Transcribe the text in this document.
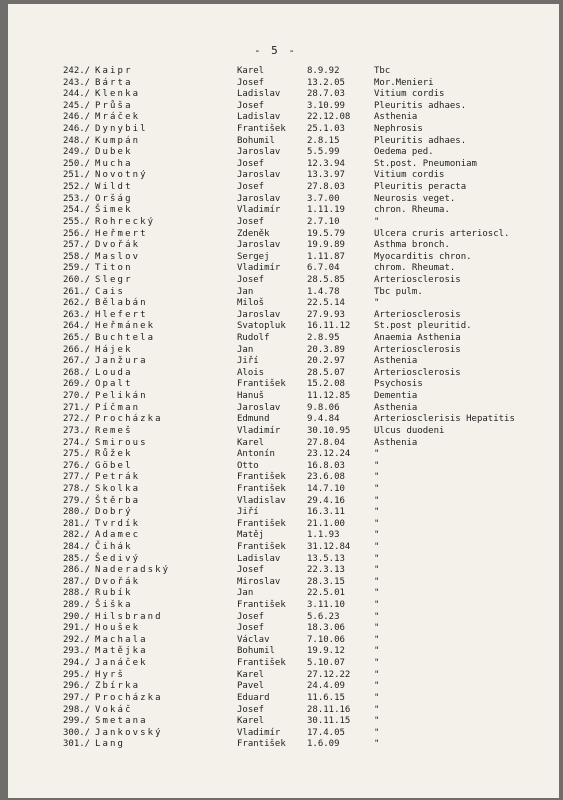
- 5 -
242./ Kaipr	Karel	8.9.92	Tbc
243./ Bárta	Josef	13.2.05	Mor.Menieri
244./ Klenka	Ladislav	28.7.03	Vitium cordis
245./ Průša	Josef	3.10.99	Pleuritis adhaes.
246./ Mráček	Ladislav	22.12.08	Asthenia
246./ Dynybil	František 25.1.03	Nephrosis
248./ Kumpán	Bohumil	2.8.15	Pleuritis adhaes.
249./ Dubek	Jaroslav	5.5.99	Oedema ped.
250./ Mucha	Josef	12.3.94	St.post. Pneumoniam
251./ Novotný	Jaroslav	13.3.97	Vitium cordis
252./ Wildt	Josef	27.8.03	Pleuritis peracta
253./ Oršág	Jaroslav	3.7.00	Neurosis veget.
254./ Šimek	Vladimír	1.11.19	chron. Rheuma.
255./ Rohrecký	Josef	2.7.10	"
256./ Heřmert	Zdeněk	19.5.79	Ulcera cruris arterioscl.
257./ Dvořák	Jaroslav	19.9.89	Asthma bronch.
258./ Maslov	Sergej	1.11.87	Myocarditis chron.
259./ Titon	Vladimír	6.7.04	chrom. Rheumat.
260./ Slegr	Josef	28.5.85	Arteriosclerosis
261./ Cais	Jan	1.4.78	Tbc pulm.
262./ Bělabán	Miloš	22.5.14	"
263./ Hlefert	Jaroslav	27.9.93	Arteriosclerosis
264./ Heřmánek	Svatopluk 16.11.12	St.post pleuritid.
265./ Buchtela	Rudolf	2.8.95	Anaemia Asthenia
266./ Hájek	Jan	20.3.89	Arteriosclerosis
267./ Janžura	Jiří	20.2.97	Asthenia
268./ Louda	Alois	28.5.07	Arteriosclerosis
269./ Opalt	František 15.2.08	Psychosis
270./ Pelikán	Hanuš	11.12.85	Dementia
271./ Píčman	Jaroslav	9.8.06	Asthenia
272./ Procházka	Edmund	9.4.84	Arteriosclerisis Hepatitis
273./ Remeš	Vladimír	30.10.95	Ulcus duodeni
274./ Smirous	Karel	27.8.04	Asthenia
275./ Růžek	Antonín	23.12.24	"
276./ Göbel	Otto	16.8.03	"
277./ Petrák	František 23.6.08	"
278./ Skolka	František 14.7.10	"
279./ Štěrba	Vladislav 29.4.16	"
280./ Dobrý	Jiří	16.3.11	"
281./ Tvrdík	František 21.1.00	"
282./ Adamec	Matěj	1.1.93	"
284./ Čihák	František 31.12.84	"
285./ Šedivý	Ladislav	13.5.13	"
286./ Naderadský	Josef	22.3.13	"
287./ Dvořák	Miroslav	28.3.15	"
288./ Rubík	Jan	22.5.01	"
289./ Šiška	František 3.11.10	"
290./ Hilsbrand	Josef	5.6.23	"
291./ Houšek	Josef	18.3.06	"
292./ Machala	Václav	7.10.06	"
293./ Matějka	Bohumil	19.9.12	"
294./ Janáček	František 5.10.07	"
295./ Hyrš	Karel	27.12.22	"
296./ Zbírka	Pavel	24.4.09	"
297./ Procházka	Eduard	11.6.15	"
298./ Vokáč	Josef	28.11.16	"
299./ Smetana	Karel	30.11.15	"
300./ Jankovský	Vladimír	17.4.05	"
301./ Lang	František 1.6.09	"
